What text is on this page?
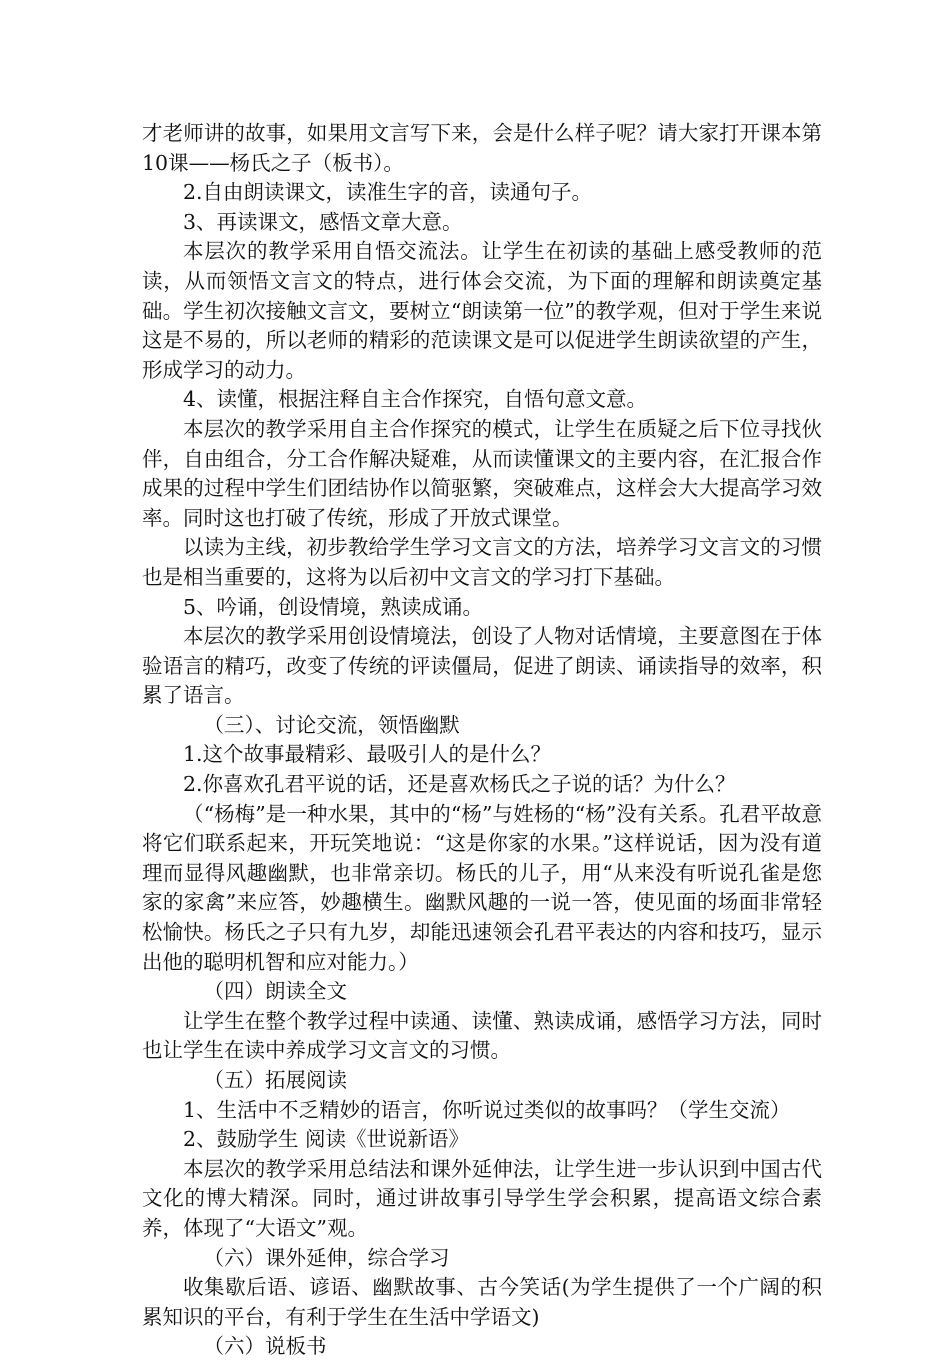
才老师讲的故事，如果用文言写下来，会是什么样子呢？请大家打开课本第10课——杨氏之子（板书）。

2.自由朗读课文，读准生字的音，读通句子。

3、再读课文，感悟文章大意。

本层次的教学采用自悟交流法。让学生在初读的基础上感受教师的范读，从而领悟文言文的特点，进行体会交流，为下面的理解和朗读奠定基础。学生初次接触文言文，要树立“朗读第一位”的教学观，但对于学生来说这是不易的，所以老师的精彩的范读课文是可以促进学生朗读欲望的产生，形成学习的动力。

4、读懂，根据注释自主合作探究，自悟句意文意。

本层次的教学采用自主合作探究的模式，让学生在质疑之后下位寻找伙伴，自由组合，分工合作解决疑难，从而读懂课文的主要内容，在汇报合作成果的过程中学生们团结协作以简驱繁，突破难点，这样会大大提高学习效率。同时这也打破了传统，形成了开放式课堂。

以读为主线，初步教给学生学习文言文的方法，培养学习文言文的习惯也是相当重要的，这将为以后初中文言文的学习打下基础。

5、吟诵，创设情境，熟读成诵。

本层次的教学采用创设情境法，创设了人物对话情境，主要意图在于体验语言的精巧，改变了传统的评读僵局，促进了朗读、诵读指导的效率，积累了语言。

（三）、讨论交流，领悟幽默

1.这个故事最精彩、最吸引人的是什么？

2.你喜欢孔君平说的话，还是喜欢杨氏之子说的话？为什么？

（“杨梅”是一种水果，其中的“杨”与姓杨的“杨”没有关系。孔君平故意将它们联系起来，开玩笑地说：“这是你家的水果。”这样说话，因为没有道理而显得风趣幽默，也非常亲切。杨氏的儿子，用“从来没有听说孔雀是您家的家禽”来应答，妙趣横生。幽默风趣的一说一答，使见面的场面非常轻松愉快。杨氏之子只有九岁，却能迅速领会孔君平表达的内容和技巧，显示出他的聪明机智和应对能力。）

（四）朗读全文

让学生在整个教学过程中读通、读懂、熟读成诵，感悟学习方法，同时也让学生在读中养成学习文言文的习惯。

（五）拓展阅读

1、生活中不乏精妙的语言，你听说过类似的故事吗？（学生交流）

2、鼓励学生 阅读《世说新语》

本层次的教学采用总结法和课外延伸法，让学生进一步认识到中国古代文化的博大精深。同时，通过讲故事引导学生学会积累，提高语文综合素养，体现了“大语文”观。

（六）课外延伸，综合学习

收集歇后语、谚语、幽默故事、古今笑话(为学生提供了一个广阔的积累知识的平台，有利于学生在生活中学语文)

（六）说板书
